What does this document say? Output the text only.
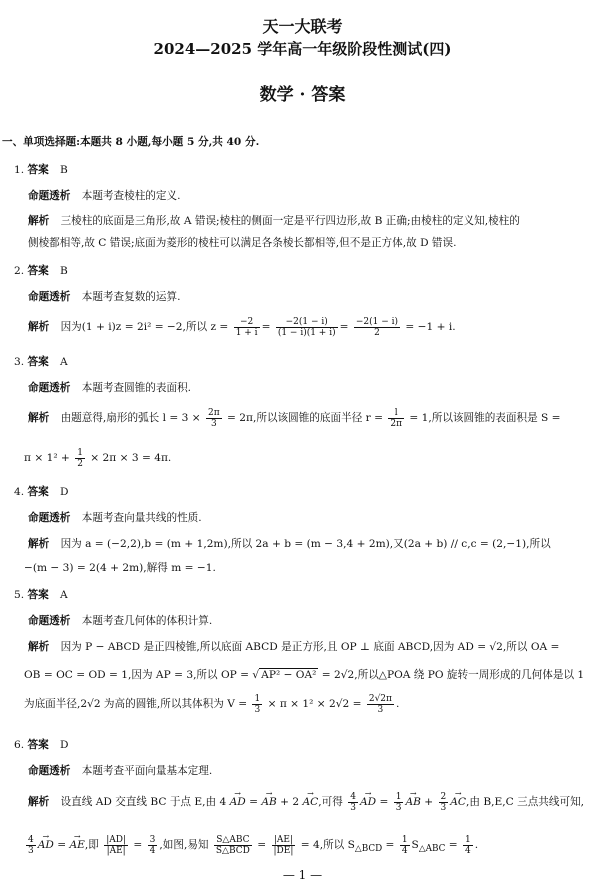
天一大联考
2024—2025 学年高一年级阶段性测试(四)
数学 · 答案
一、单项选择题:本题共 8 小题,每小题 5 分,共 40 分.
1. 答案 B
命题透析 本题考查棱柱的定义.
解析 三棱柱的底面是三角形,故 A 错误;棱柱的侧面一定是平行四边形,故 B 正确;由棱柱的定义知,棱柱的
侧棱都相等,故 C 错误;底面为菱形的棱柱可以满足各条棱长都相等,但不是正方体,故 D 错误.
2. 答案 B
命题透析 本题考查复数的运算.
解析 因为(1 + i)z = 2i² = −2,所以 $z = \frac{-2}{1 + i} = \frac{-2(1 - i)}{(1 - i)(1 + i)} = \frac{-2(1 - i)}{2} = -1 + i$.
3. 答案 A
命题透析 本题考查圆锥的表面积.
解析 由题意得,扇形的弧长 $l = 3 \times \frac{2\pi}{3} = 2\pi$,所以该圆锥的底面半径 $r = \frac{l}{2\pi} = 1$,所以该圆锥的表面积是 S =
$\pi \times 1^2 + \frac{1}{2} \times 2\pi \times 3 = 4\pi$.
4. 答案 D
命题透析 本题考查向量共线的性质.
解析 因为 a = (−2,2),b = (m + 1,2m),所以 2a + b = (m − 3,4 + 2m),又(2a + b) // c,c = (2,−1),所以
−(m − 3) = 2(4 + 2m),解得 m = −1.
5. 答案 A
命题透析 本题考查几何体的体积计算.
解析 因为 P − ABCD 是正四棱锥,所以底面 ABCD 是正方形,且 OP ⊥ 底面 ABCD,因为 AD = √2,所以 OA =
OB = OC = OD = 1,因为 AP = 3,所以 OP = √ AP² − OA² = 2√2,所以△POA 绕 PO 旋转一周形成的几何体是以 1
为底面半径,2√2 为高的圆锥,所以其体积为 $V = \frac{1}{3} \times \pi \times 1^2 \times 2√2 = \frac{2√2\pi}{3}$ .
6. 答案 D
命题透析 本题考查平面向量基本定理.
解析 设直线 AD 交直线 BC 于点 E,由 4 → AD = → AB + 2 → AC,可得 $\frac{4}{3}$ → AD = $\frac{1}{3}$ → AB + $\frac{2}{3}$ → AC,由 B,E,C 三点共线可知,
$\frac{4}{3}$ → AD = → AE,即 $\frac{|AD|}{|AE|} = \frac{3}{4}$ ,如图,易知 $\frac{\text{S△ABC}}{\text{S△BCD}} = \frac{|AE|}{|DE|} = 4$,所以 $S_{\triangle BCD} = \frac{1}{4} S_{\triangle ABC} = \frac{1}{4}$ .
— 1 —
